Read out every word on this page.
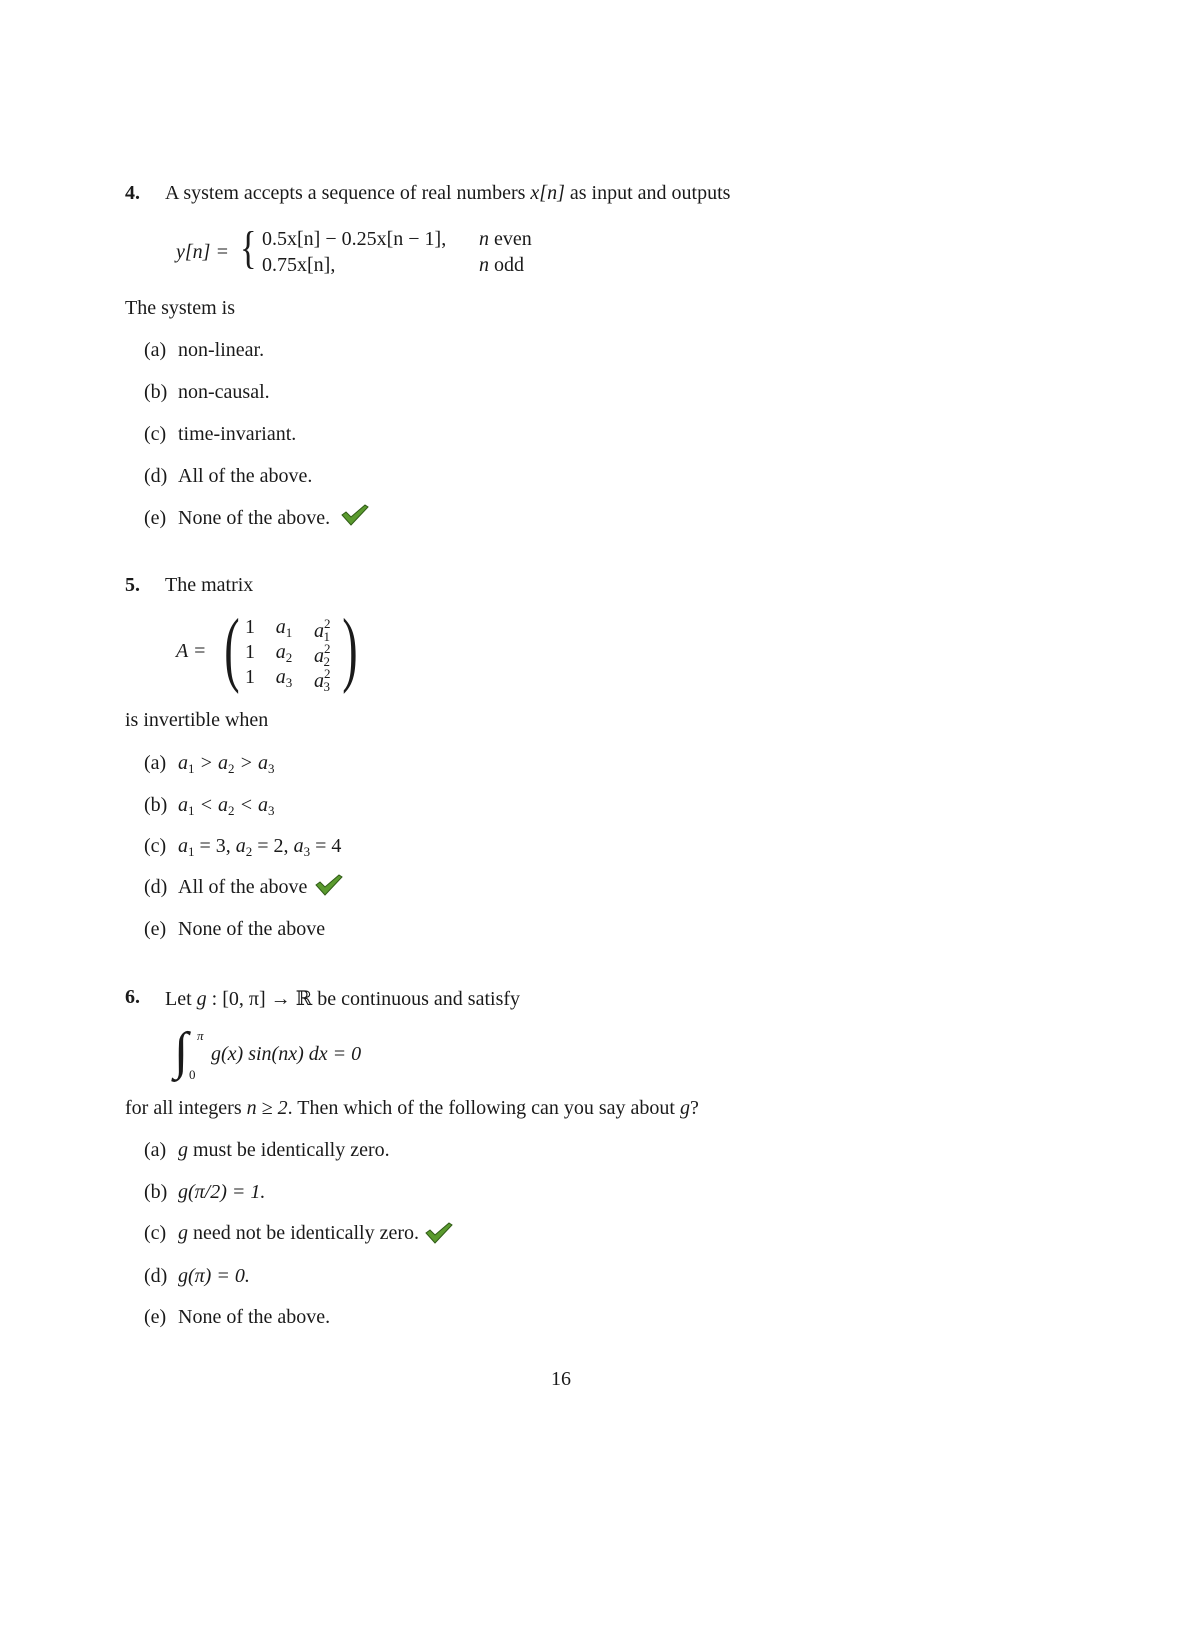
4. A system accepts a sequence of real numbers x[n] as input and outputs
y[n] = { 0.5x[n] − 0.25x[n − 1], n even
0.75x[n],	n odd
The system is
(a) non-linear.
(b) non-causal.
(c) time-invariant.
(d) All of the above.
(e) None of the above.
5. The matrix
A = ( )
1	$a_1$	$a^2_1$
1	$a_2$	$a^2_2$
1	$a_3$	$a^2_3$
is invertible when
(a) $a_1 > a_2 > a_3$
(b) $a_1 < a_2 < a_3$
(c) $a_1 = 3$, $a_2 = 2$, $a_3 = 4$
(d) All of the above
(e) None of the above
6. Let g : [0, π] → ℝ be continuous and satisfy
∫ π
0
g(x) sin(nx) dx = 0
for all integers n ≥ 2. Then which of the following can you say about g?
(a) g must be identically zero.
(b) g(π/2) = 1.
(c) g need not be identically zero.
(d) g(π) = 0.
(e) None of the above.
16
